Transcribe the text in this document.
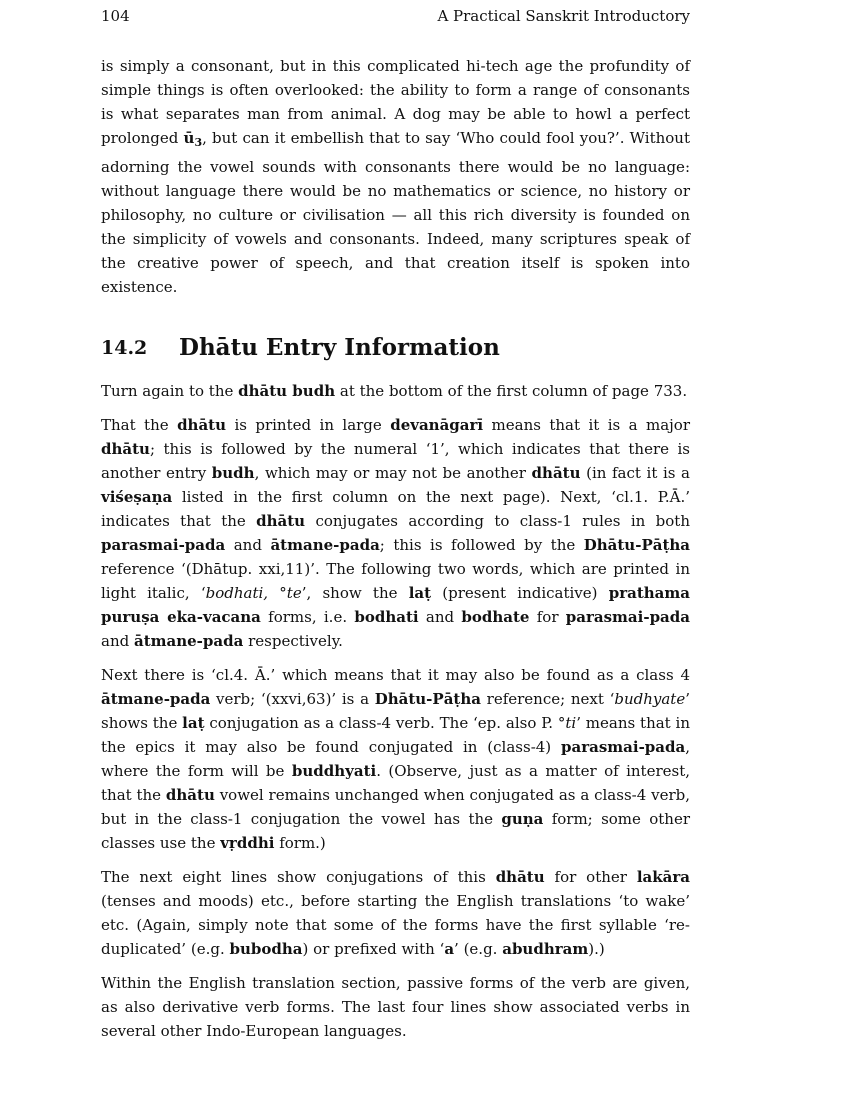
104	A Practical Sanskrit Introductory

is simply a consonant, but in this complicated hi-tech age the profundity of simple things is often overlooked: the ability to form a range of consonants is what separates man from animal. A dog may be able to howl a perfect prolonged $ū_3$, but can it embellish that to say ‘Who could fool you?’. Without adorning the vowel sounds with consonants there would be no language: without language there would be no mathematics or science, no history or philosophy, no culture or civilisation — all this rich diversity is founded on the simplicity of vowels and consonants. Indeed, many scriptures speak of the creative power of speech, and that creation itself is spoken into existence.

14.2	Dhātu Entry Information

Turn again to the dhātu budh at the bottom of the first column of page 733.

That the dhātu is printed in large devanāgarī means that it is a major dhātu; this is followed by the numeral ‘1’, which indicates that there is another entry budh, which may or may not be another dhātu (in fact it is a viśeṣaṇa listed in the first column on the next page). Next, ‘cl.1. P.Ā.’ indicates that the dhātu conjugates according to class-1 rules in both parasmai-pada and ātmane-pada; this is followed by the Dhātu-Pāṭha reference ‘(Dhātup. xxi,11)’. The following two words, which are printed in light italic, ‘bodhati, °te’, show the laṭ (present indicative) prathama puruṣa eka-vacana forms, i.e. bodhati and bodhate for parasmai-pada and ātmane-pada respectively.

Next there is ‘cl.4. Ā.’ which means that it may also be found as a class 4 ātmane-pada verb; ‘(xxvi,63)’ is a Dhātu-Pāṭha reference; next ‘budhyate’ shows the laṭ conjugation as a class-4 verb. The ‘ep. also P. °ti’ means that in the epics it may also be found conjugated in (class-4) parasmai-pada, where the form will be buddhyati. (Observe, just as a matter of interest, that the dhātu vowel remains unchanged when conjugated as a class-4 verb, but in the class-1 conjugation the vowel has the guṇa form; some other classes use the vṛddhi form.)

The next eight lines show conjugations of this dhātu for other lakāra (tenses and moods) etc., before starting the English translations ‘to wake’ etc. (Again, simply note that some of the forms have the first syllable ‘re-duplicated’ (e.g. bubodha) or prefixed with ‘a’ (e.g. abudhram).)

Within the English translation section, passive forms of the verb are given, as also derivative verb forms. The last four lines show associated verbs in several other Indo-European languages.
